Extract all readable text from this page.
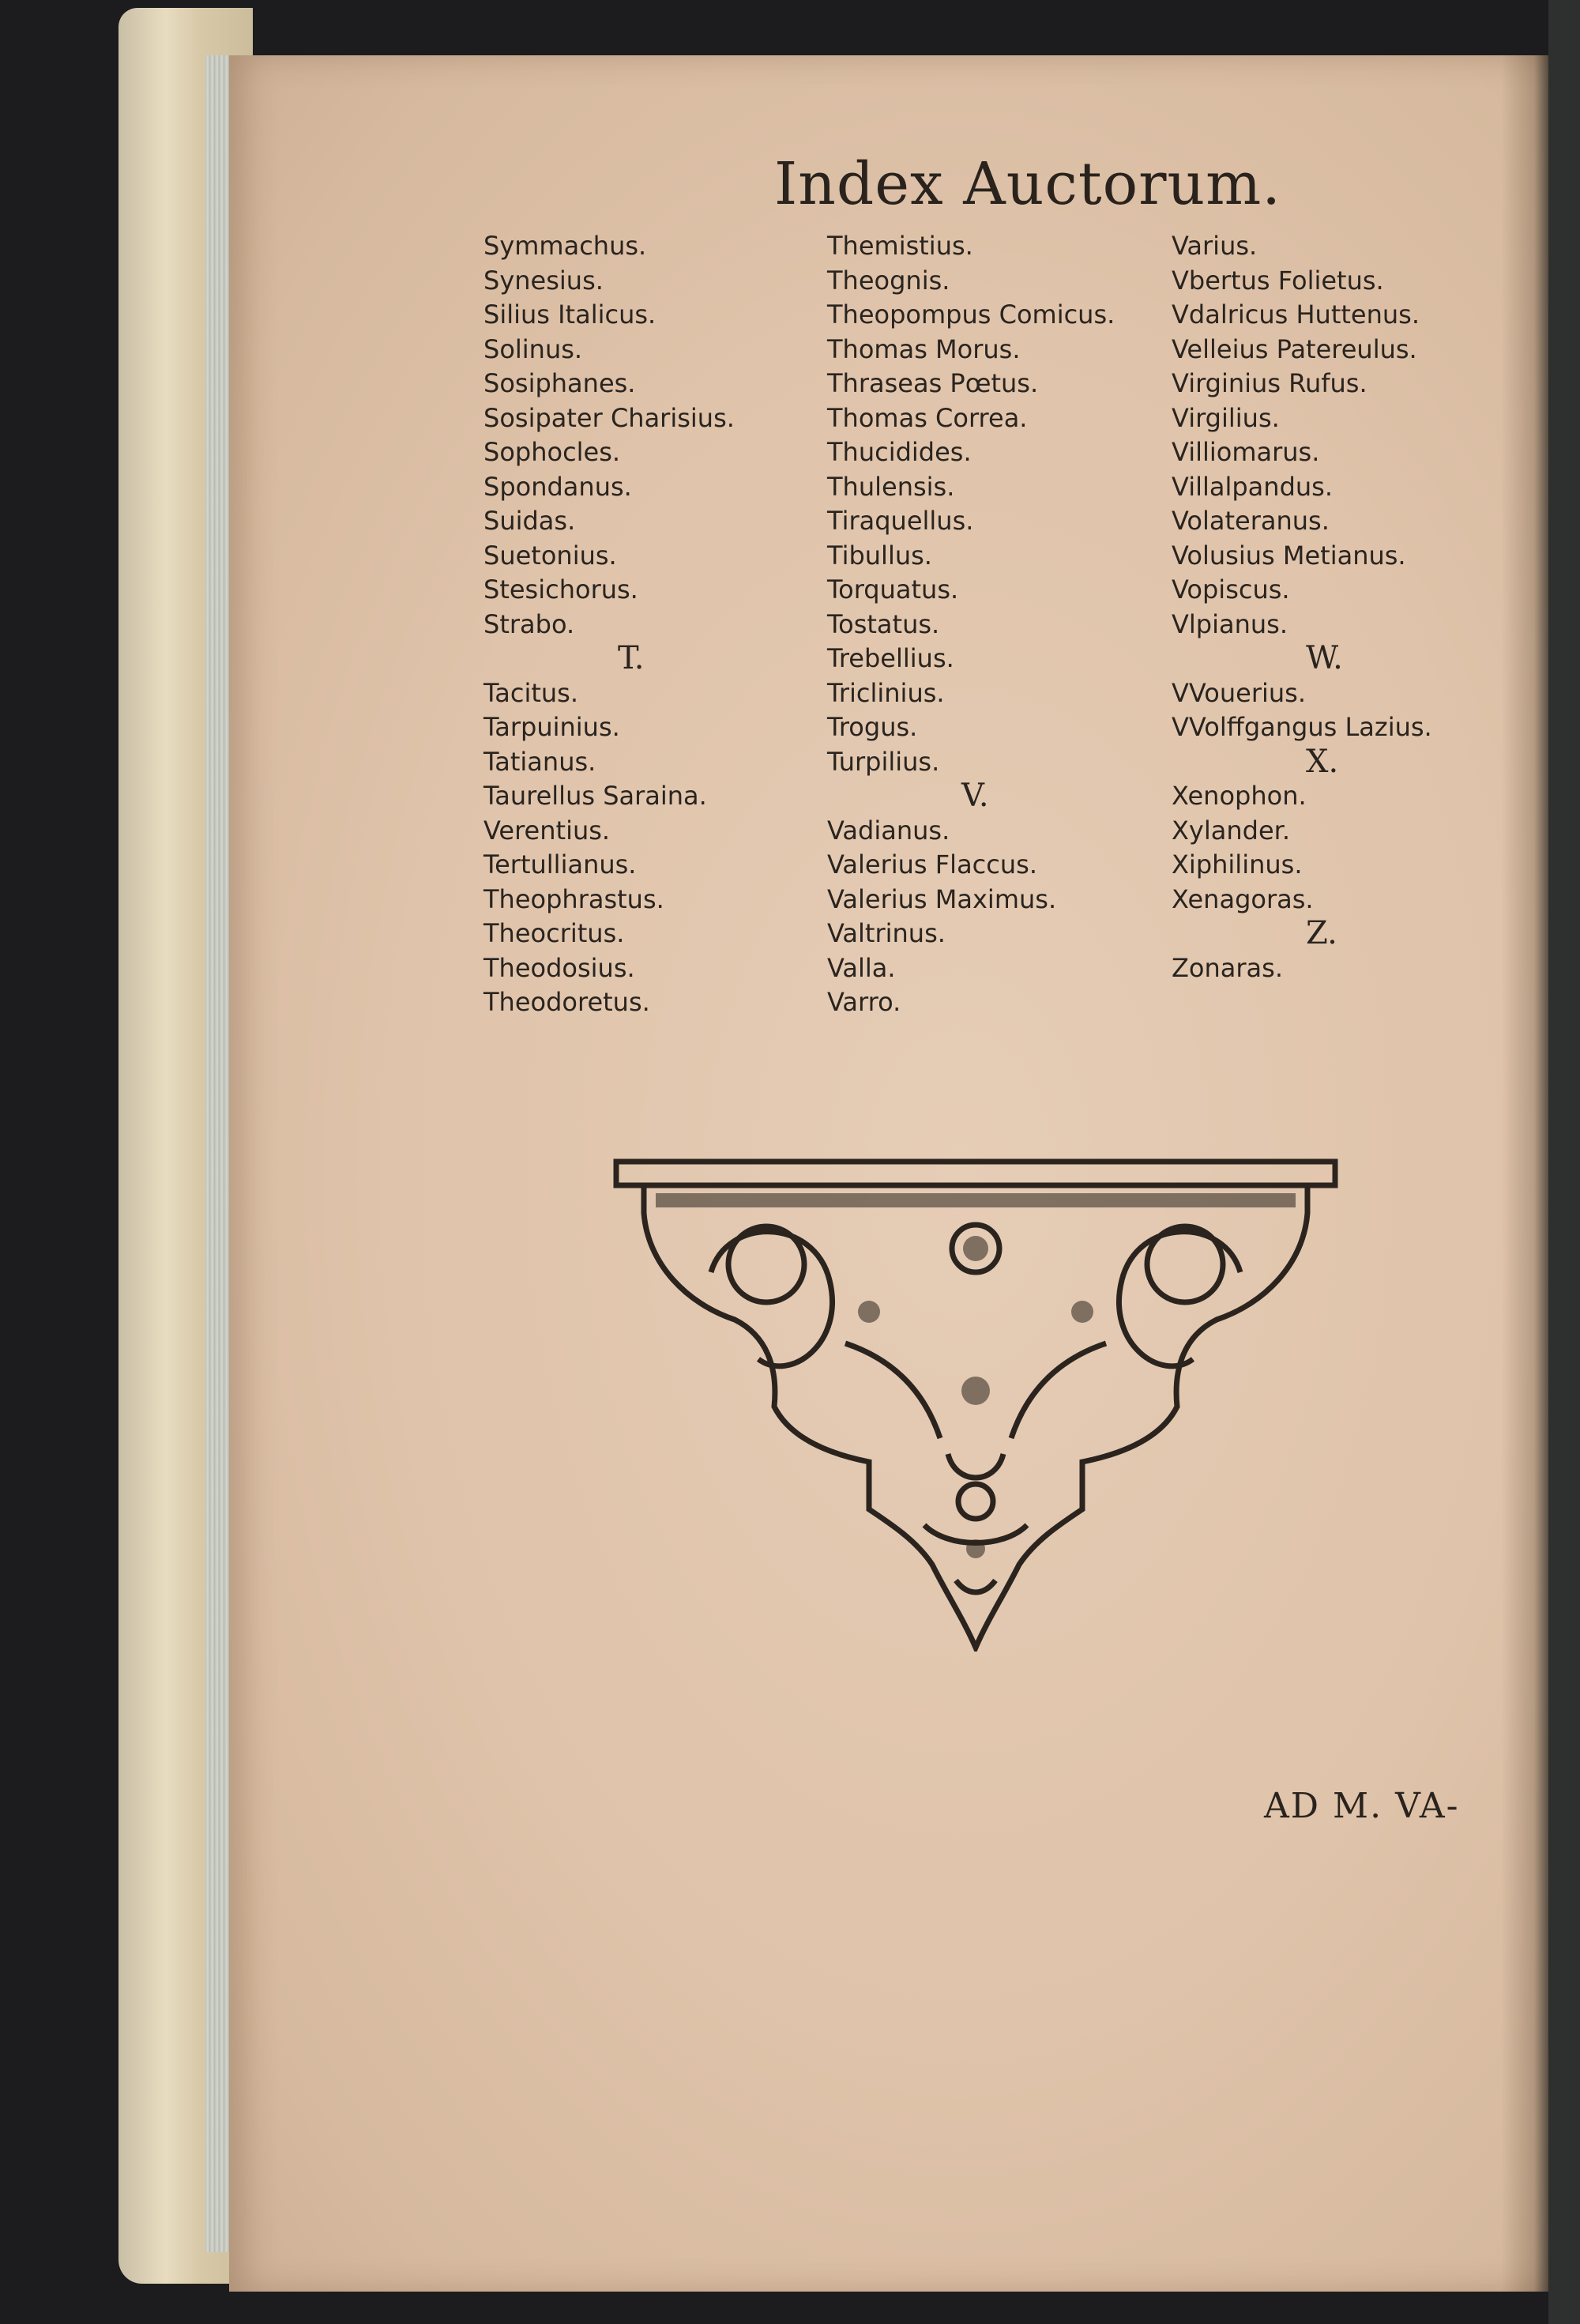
Index Auctorum.
Symmachus.
Synesius.
Silius Italicus.
Solinus.
Sosiphanes.
Sosipater Charisius.
Sophocles.
Spondanus.
Suidas.
Suetonius.
Stesichorus.
Strabo.
T.
Tacitus.
Tarpuinius.
Tatianus.
Taurellus Saraina.
Verentius.
Tertullianus.
Theophrastus.
Theocritus.
Theodosius.
Theodoretus.
Themistius.
Theognis.
Theopompus Comicus.
Thomas Morus.
Thraseas Pœtus.
Thomas Correa.
Thucidides.
Thulensis.
Tiraquellus.
Tibullus.
Torquatus.
Tostatus.
Trebellius.
Triclinius.
Trogus.
Turpilius.
V.
Vadianus.
Valerius Flaccus.
Valerius Maximus.
Valtrinus.
Valla.
Varro.
Varius.
Vbertus Folietus.
Vdalricus Huttenus.
Velleius Patereulus.
Virginius Rufus.
Virgilius.
Villiomarus.
Villalpandus.
Volateranus.
Volusius Metianus.
Vopiscus.
Vlpianus.
W.
VVouerius.
VVolffgangus Lazius.
X.
Xenophon.
Xylander.
Xiphilinus.
Xenagoras.
Z.
Zonaras.
AD M. VA-
